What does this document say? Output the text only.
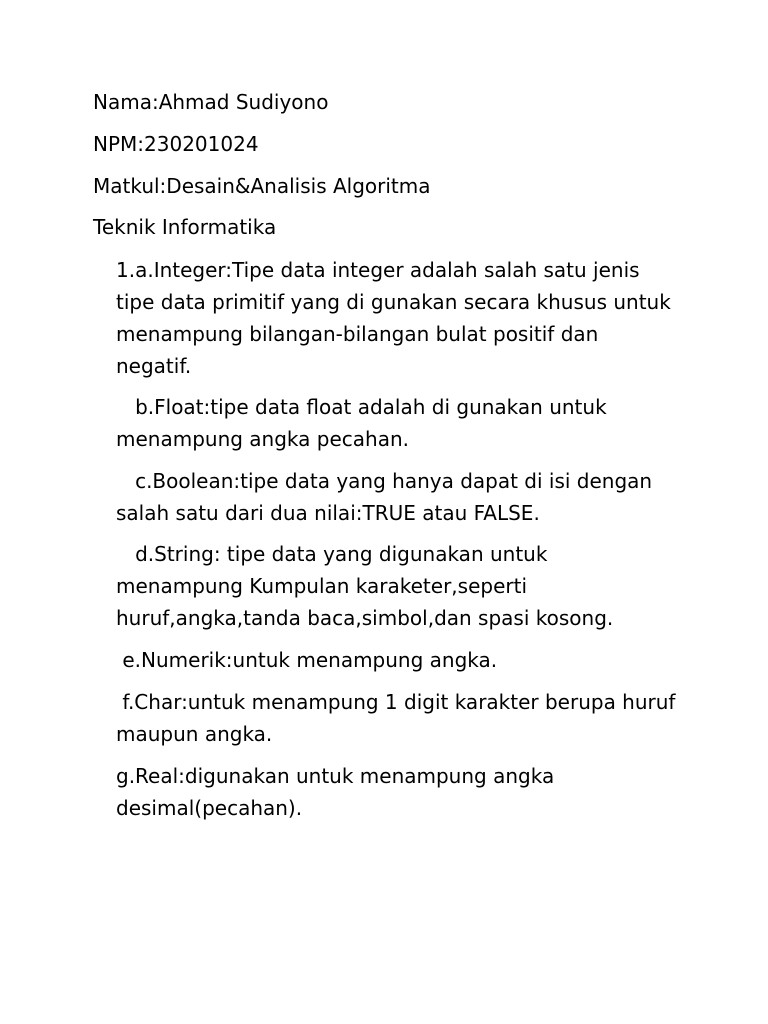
Nama:Ahmad Sudiyono

NPM:230201024

Matkul:Desain&Analisis Algoritma

Teknik Informatika

1.a.Integer:Tipe data integer adalah salah satu jenis tipe data primitif yang di gunakan secara khusus untuk menampung bilangan-bilangan bulat positif dan negatif.

b.Float:tipe data float adalah di gunakan untuk menampung angka pecahan.

c.Boolean:tipe data yang hanya dapat di isi dengan salah satu dari dua nilai:TRUE atau FALSE.

d.String: tipe data yang digunakan untuk menampung Kumpulan karaketer,seperti huruf,angka,tanda baca,simbol,dan spasi kosong.

e.Numerik:untuk menampung angka.

f.Char:untuk menampung 1 digit karakter berupa huruf maupun angka.

g.Real:digunakan untuk menampung angka desimal(pecahan).
